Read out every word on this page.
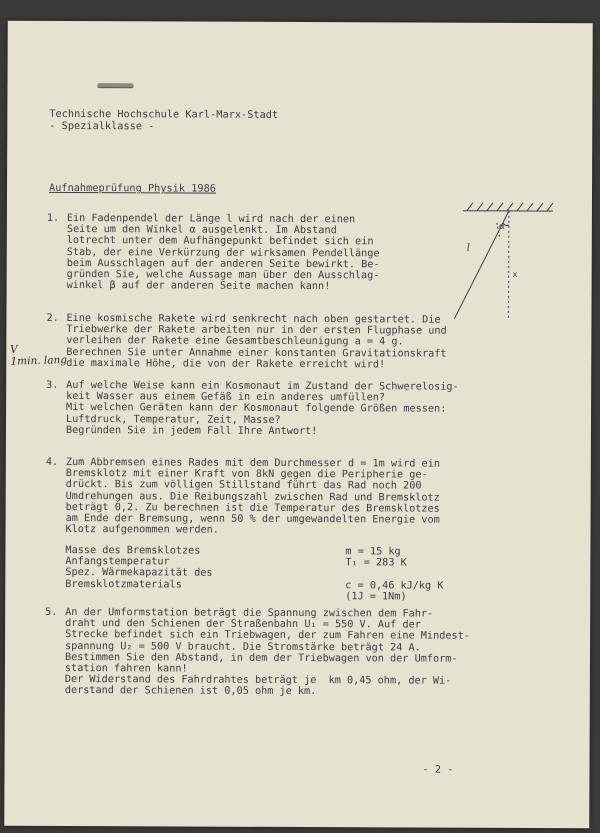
Technische Hochschule Karl-Marx-Stadt
- Spezialklasse -
Aufnahmeprüfung Physik 1986
α
l
x
1. Ein Fadenpendel der Länge l wird nach der einen
Seite um den Winkel α ausgelenkt. Im Abstand
lotrecht unter dem Aufhängepunkt befindet sich ein
Stab, der eine Verkürzung der wirksamen Pendellänge
beim Ausschlagen auf der anderen Seite bewirkt. Be-
gründen Sie, welche Aussage man über den Ausschlag-
winkel β auf der anderen Seite machen kann!
V
1min. lang
2. Eine kosmische Rakete wird senkrecht nach oben gestartet. Die
Triebwerke der Rakete arbeiten nur in der ersten Flugphase und
verleihen der Rakete eine Gesamtbeschleunigung a = 4 g.
Berechnen Sie unter Annahme einer konstanten Gravitationskraft
die maximale Höhe, die von der Rakete erreicht wird!
3. Auf welche Weise kann ein Kosmonaut im Zustand der Schwerelosig-
keit Wasser aus einem Gefäß in ein anderes umfüllen?
Mit welchen Geräten kann der Kosmonaut folgende Größen messen:
Luftdruck, Temperatur, Zeit, Masse?
Begründen Sie in jedem Fall Ihre Antwort!
4. Zum Abbremsen eines Rades mit dem Durchmesser d = 1m wird ein
Bremsklotz mit einer Kraft von 8kN gegen die Peripherie ge-
drückt. Bis zum völligen Stillstand führt das Rad noch 200
Umdrehungen aus. Die Reibungszahl zwischen Rad und Bremsklotz
beträgt 0,2. Zu berechnen ist die Temperatur des Bremsklotzes
am Ende der Bremsung, wenn 50 % der umgewandelten Energie vom
Klotz aufgenommen werden.
Masse des Bremsklotzes
Anfangstemperatur
Spez. Wärmekapazität des
Bremsklotzmaterials
m = 15 kg
T₁ = 283 K

c = 0,46 kJ/kg K
(1J = 1Nm)
5. An der Umformstation beträgt die Spannung zwischen dem Fahr-
draht und den Schienen der Straßenbahn U₁ = 550 V. Auf der
Strecke befindet sich ein Triebwagen, der zum Fahren eine Mindest-
spannung U₂ = 500 V braucht. Die Stromstärke beträgt 24 A.
Bestimmen Sie den Abstand, in dem der Triebwagen von der Umform-
station fahren kann!
Der Widerstand des Fahrdrahtes beträgt je  km 0,45 ohm, der Wi-
derstand der Schienen ist 0,05 ohm je km.
- 2 -
